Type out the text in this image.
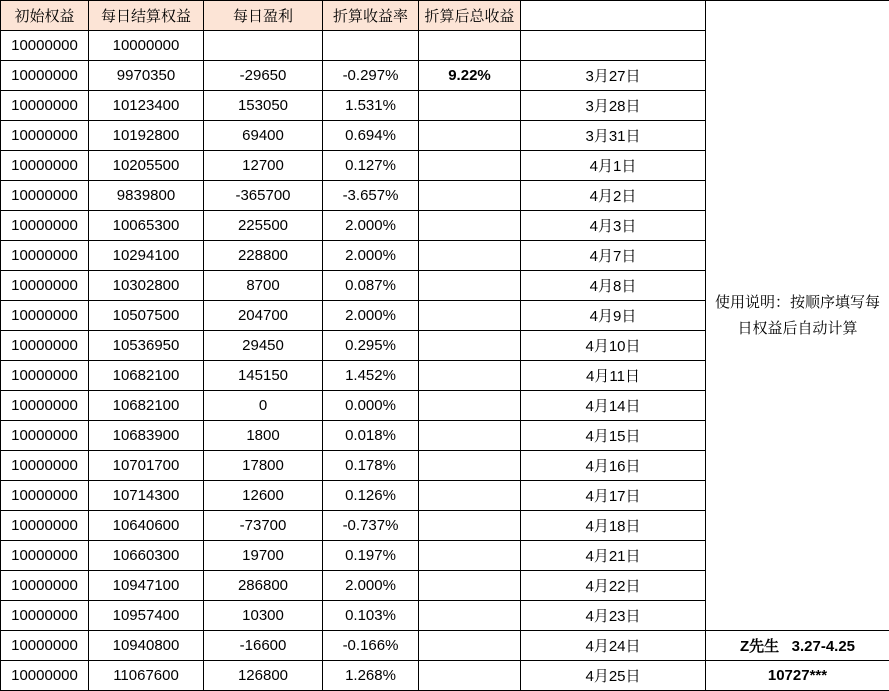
初始权益	每日结算权益	每日盈利	折算收益率	折算后总收益		使用说明：按顺序填写每日权益后自动计算

10000000	10000000					
10000000	9970350	-29650	-0.297%	9.22%	3月27日	
10000000	10123400	153050	1.531%		3月28日	
10000000	10192800	69400	0.694%		3月31日	
10000000	10205500	12700	0.127%		4月1日	
10000000	9839800	-365700	-3.657%		4月2日	
10000000	10065300	225500	2.000%		4月3日	
10000000	10294100	228800	2.000%		4月7日	
10000000	10302800	8700	0.087%		4月8日	
10000000	10507500	204700	2.000%		4月9日	
10000000	10536950	29450	0.295%		4月10日	
10000000	10682100	145150	1.452%		4月11日	
10000000	10682100	0	0.000%		4月14日	
10000000	10683900	1800	0.018%		4月15日	
10000000	10701700	17800	0.178%		4月16日	
10000000	10714300	12600	0.126%		4月17日	
10000000	10640600	-73700	-0.737%		4月18日	
10000000	10660300	19700	0.197%		4月21日	
10000000	10947100	286800	2.000%		4月22日	
10000000	10957400	10300	0.103%		4月23日	
10000000	10940800	-16600	-0.166%		4月24日	Z先生   3.27-4.25
10000000	11067600	126800	1.268%		4月25日	10727***
